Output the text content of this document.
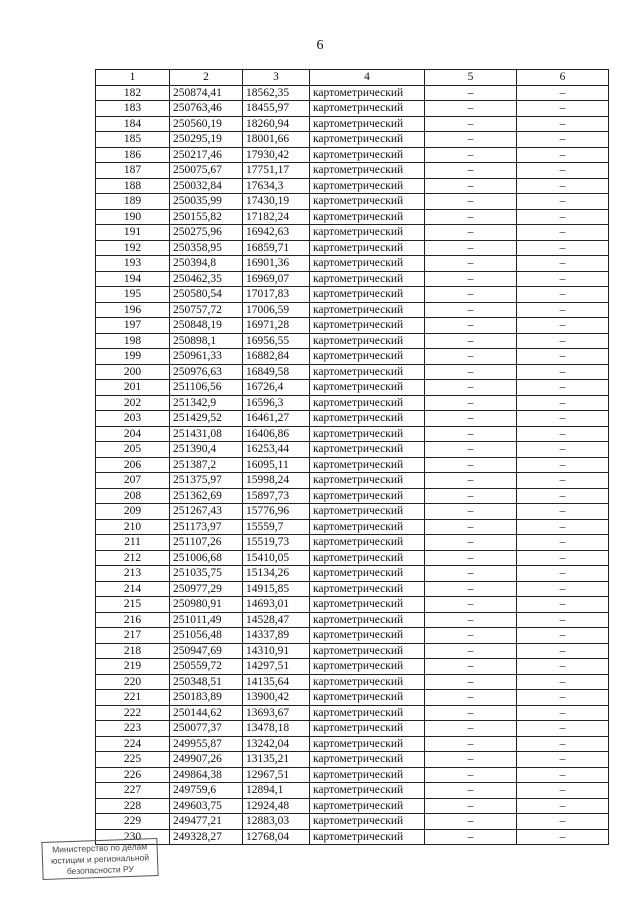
6
1	2	3	4	5	6
182	250874,41	18562,35	картометрический	–	–
183	250763,46	18455,97	картометрический	–	–
184	250560,19	18260,94	картометрический	–	–
185	250295,19	18001,66	картометрический	–	–
186	250217,46	17930,42	картометрический	–	–
187	250075,67	17751,17	картометрический	–	–
188	250032,84	17634,3	картометрический	–	–
189	250035,99	17430,19	картометрический	–	–
190	250155,82	17182,24	картометрический	–	–
191	250275,96	16942,63	картометрический	–	–
192	250358,95	16859,71	картометрический	–	–
193	250394,8	16901,36	картометрический	–	–
194	250462,35	16969,07	картометрический	–	–
195	250580,54	17017,83	картометрический	–	–
196	250757,72	17006,59	картометрический	–	–
197	250848,19	16971,28	картометрический	–	–
198	250898,1	16956,55	картометрический	–	–
199	250961,33	16882,84	картометрический	–	–
200	250976,63	16849,58	картометрический	–	–
201	251106,56	16726,4	картометрический	–	–
202	251342,9	16596,3	картометрический	–	–
203	251429,52	16461,27	картометрический	–	–
204	251431,08	16406,86	картометрический	–	–
205	251390,4	16253,44	картометрический	–	–
206	251387,2	16095,11	картометрический	–	–
207	251375,97	15998,24	картометрический	–	–
208	251362,69	15897,73	картометрический	–	–
209	251267,43	15776,96	картометрический	–	–
210	251173,97	15559,7	картометрический	–	–
211	251107,26	15519,73	картометрический	–	–
212	251006,68	15410,05	картометрический	–	–
213	251035,75	15134,26	картометрический	–	–
214	250977,29	14915,85	картометрический	–	–
215	250980,91	14693,01	картометрический	–	–
216	251011,49	14528,47	картометрический	–	–
217	251056,48	14337,89	картометрический	–	–
218	250947,69	14310,91	картометрический	–	–
219	250559,72	14297,51	картометрический	–	–
220	250348,51	14135,64	картометрический	–	–
221	250183,89	13900,42	картометрический	–	–
222	250144,62	13693,67	картометрический	–	–
223	250077,37	13478,18	картометрический	–	–
224	249955,87	13242,04	картометрический	–	–
225	249907,26	13135,21	картометрический	–	–
226	249864,38	12967,51	картометрический	–	–
227	249759,6	12894,1	картометрический	–	–
228	249603,75	12924,48	картометрический	–	–
229	249477,21	12883,03	картометрический	–	–
230	249328,27	12768,04	картометрический	–	–
Министерство по делам
юстиции и региональной
безопасности РУ
